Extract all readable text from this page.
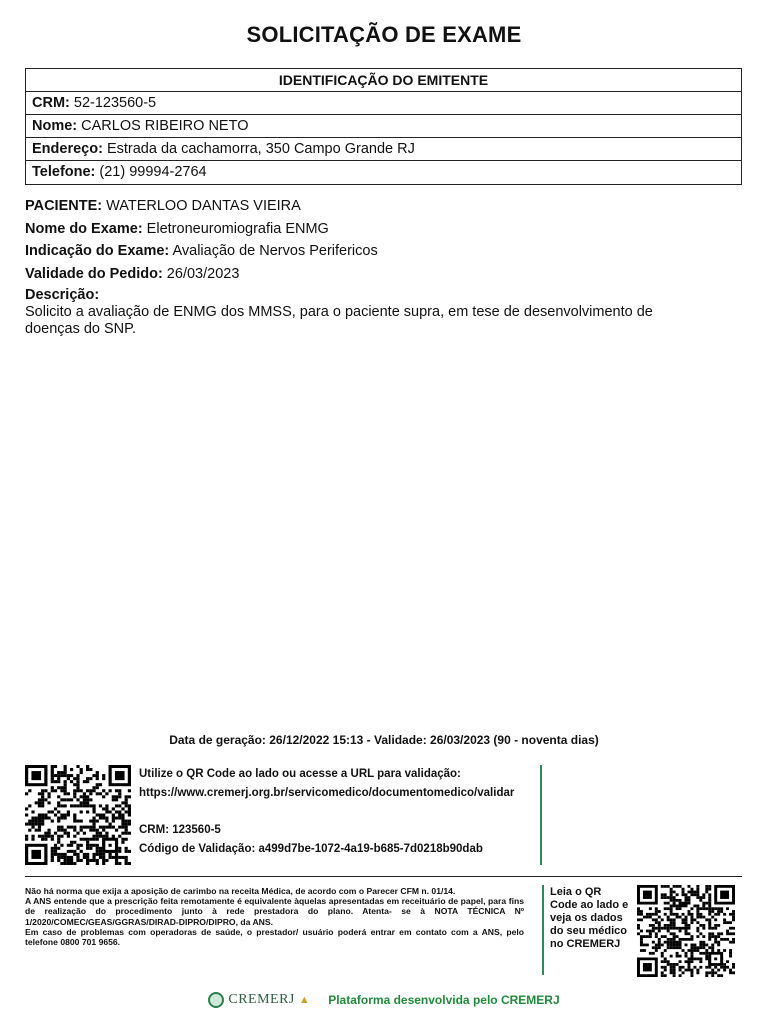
SOLICITAÇÃO DE EXAME
IDENTIFICAÇÃO DO EMITENTE
CRM: 52-123560-5
Nome: CARLOS RIBEIRO NETO
Endereço: Estrada da cachamorra, 350 Campo Grande RJ
Telefone: (21) 99994-2764
PACIENTE: WATERLOO DANTAS VIEIRA
Nome do Exame: Eletroneuromiografia ENMG
Indicação do Exame: Avaliação de Nervos Perifericos
Validade do Pedido: 26/03/2023
Descrição:
Solicito a avaliação de ENMG dos MMSS, para o paciente supra, em tese de desenvolvimento de doenças do SNP.
Data de geração: 26/12/2022 15:13 - Validade: 26/03/2023 (90 - noventa dias)
Utilize o QR Code ao lado ou acesse a URL para validação:
https://www.cremerj.org.br/servicomedico/documentomedico/validar
CRM: 123560-5
Código de Validação: a499d7be-1072-4a19-b685-7d0218b90dab

Não há norma que exija a aposição de carimbo na receita Médica, de acordo com o Parecer CFM n. 01/14.

A ANS entende que a prescrição feita remotamente é equivalente àquelas apresentadas em receituário de papel, para fins de realização do procedimento junto à rede prestadora do plano. Atenta- se à NOTA TÉCNICA Nº 1/2020/COMEC/GEAS/GGRAS/DIRAD-DIPRO/DIPRO, da ANS.

Em caso de problemas com operadoras de saúde, o prestador/ usuário poderá entrar em contato com a ANS, pelo telefone 0800 701 9656.

Leia o QR Code ao lado e veja os dados do seu médico no CREMERJ
CREMERJ ▲ Plataforma desenvolvida pelo CREMERJ
